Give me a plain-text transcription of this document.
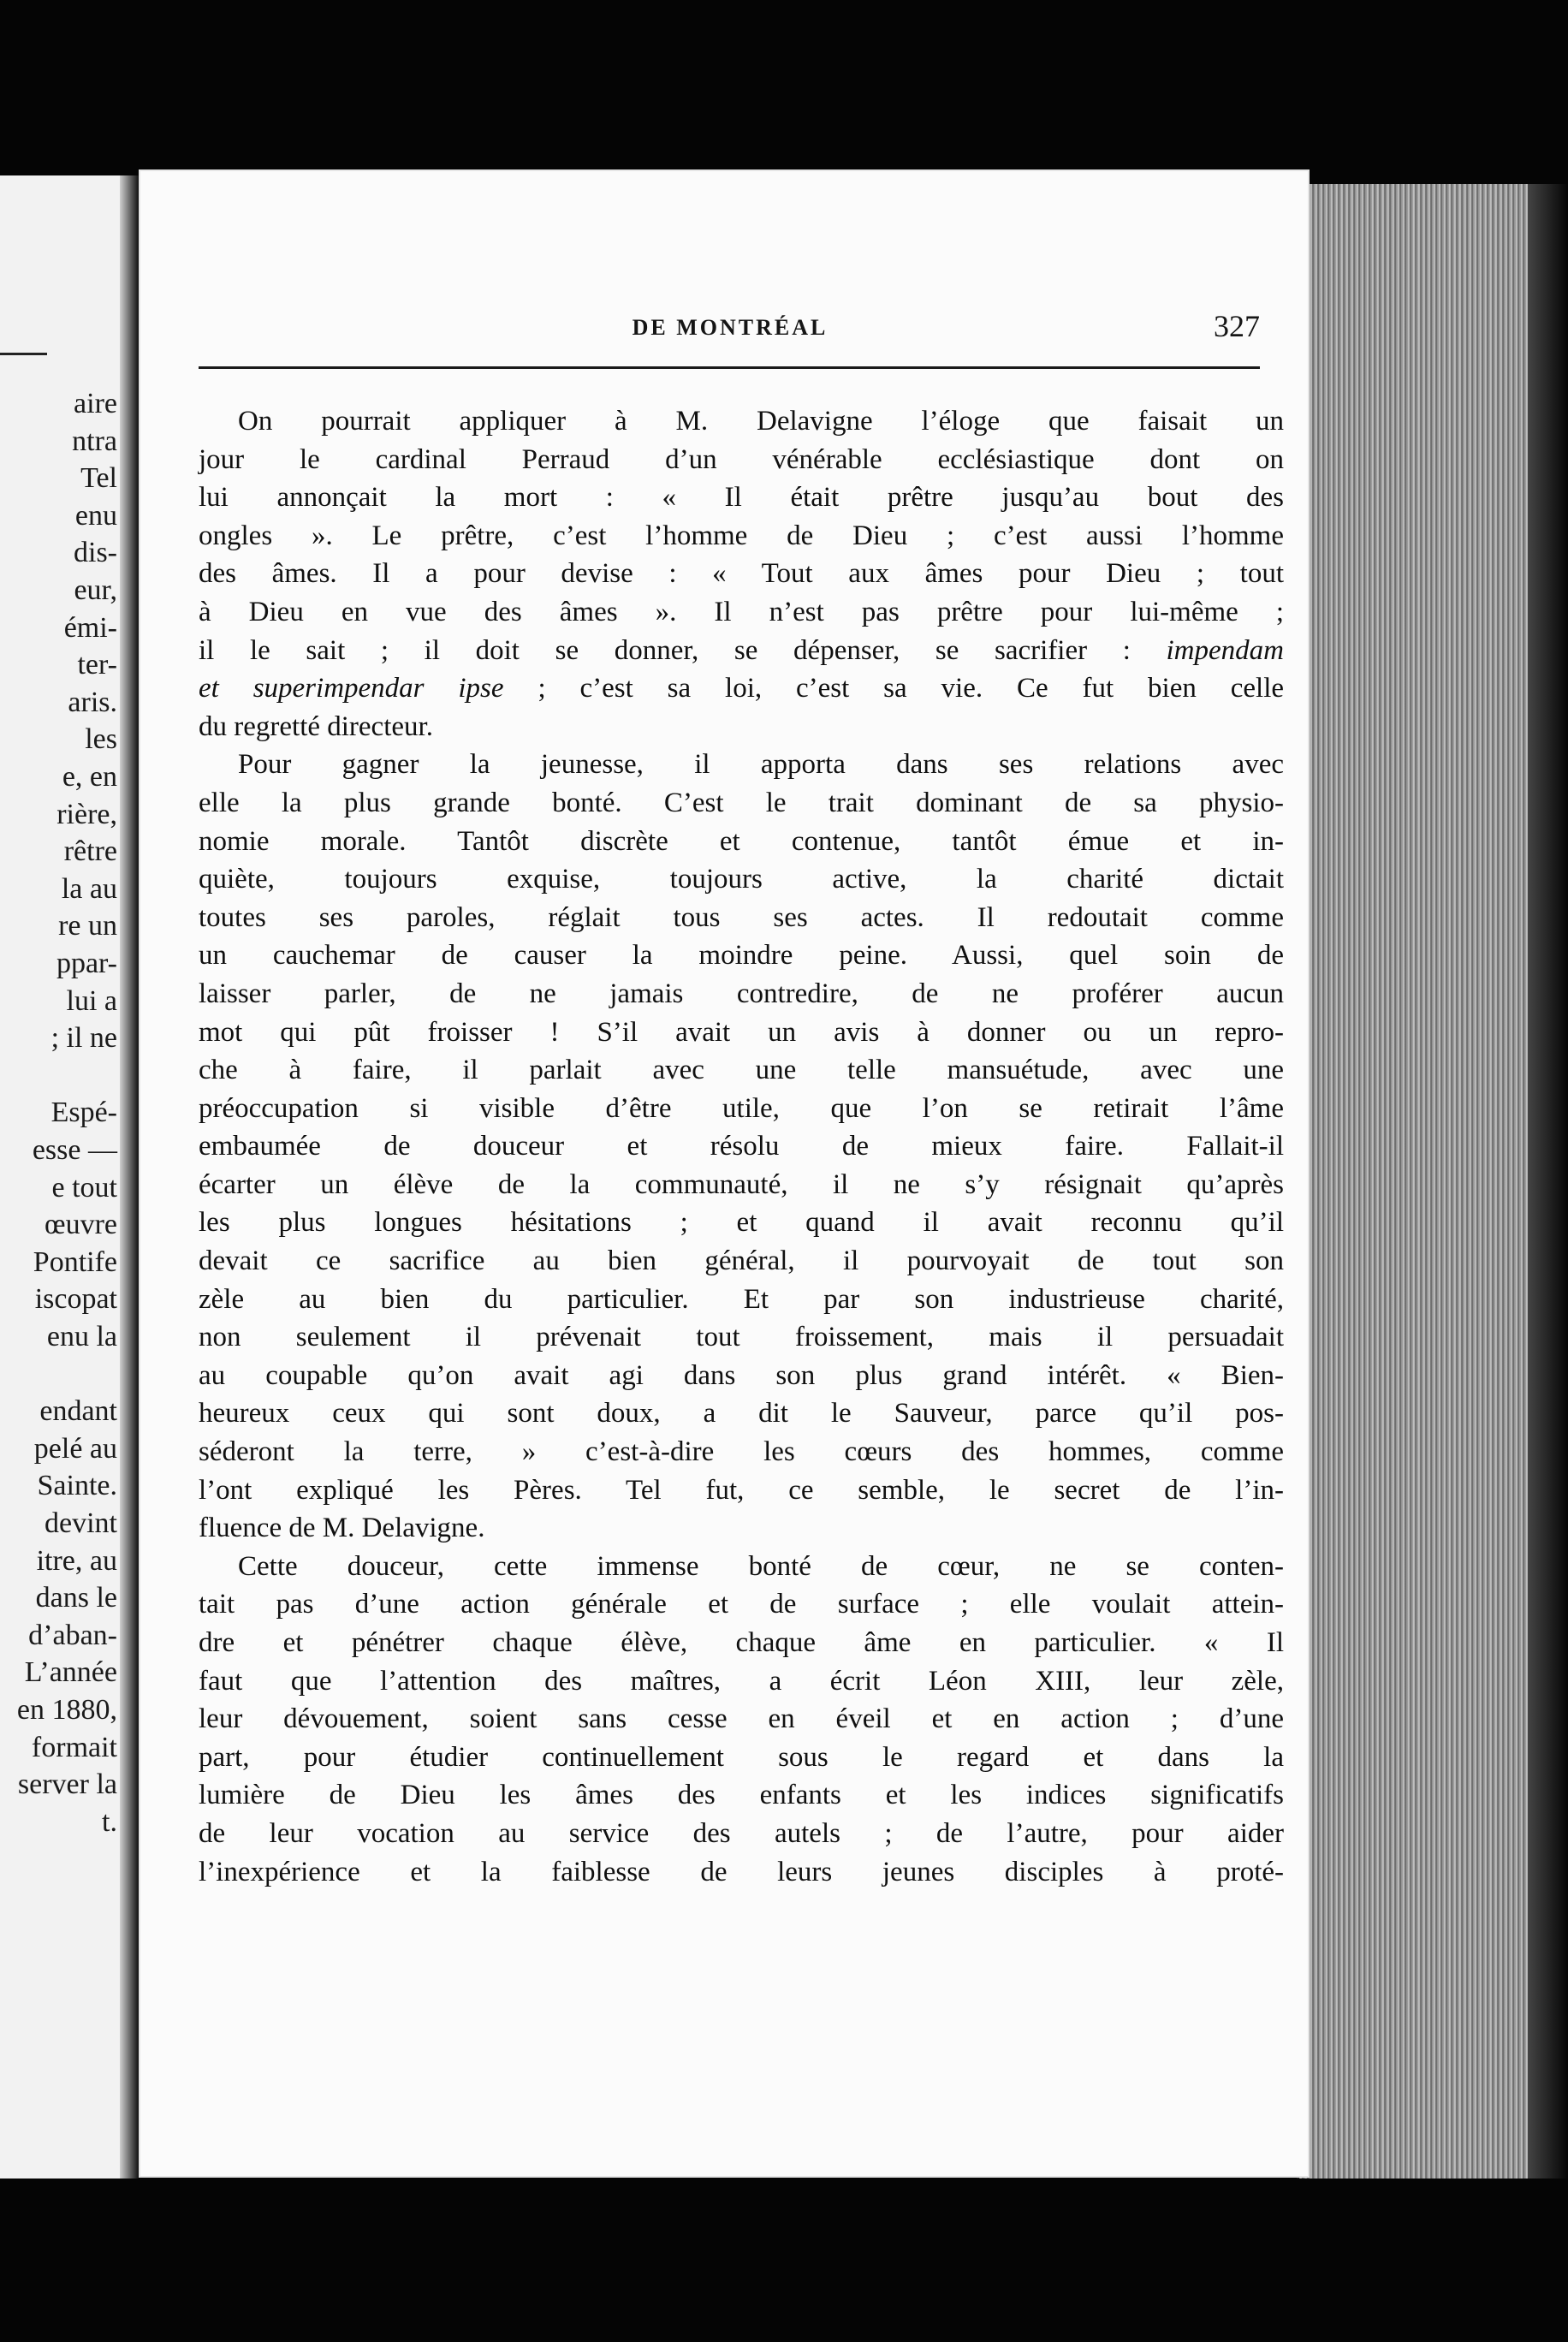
aire

ntra

Tel

enu

dis-

eur,

émi-

ter-

aris.

les

e, en

rière,

rêtre

la au

re un

ppar-

lui a

; il ne

Espé-

esse —

e tout

œuvre

Pontife

iscopat

enu la

endant

pelé au

Sainte.

devint

itre, au

dans le

d’aban-

L’année

en 1880,

formait

server la

t.

DE MONTRÉAL	327

On pourrait appliquer à M. Delavigne l’éloge que faisait un

jour le cardinal Perraud d’un vénérable ecclésiastique dont on

lui annonçait la mort : « Il était prêtre jusqu’au bout des

ongles ». Le prêtre, c’est l’homme de Dieu ; c’est aussi l’homme

des âmes. Il a pour devise : « Tout aux âmes pour Dieu ; tout

à Dieu en vue des âmes ». Il n’est pas prêtre pour lui-même ;

il le sait ; il doit se donner, se dépenser, se sacrifier : impendam

et superimpendar ipse ; c’est sa loi, c’est sa vie. Ce fut bien celle

du regretté directeur.

Pour gagner la jeunesse, il apporta dans ses relations avec

elle la plus grande bonté. C’est le trait dominant de sa physio-

nomie morale. Tantôt discrète et contenue, tantôt émue et in-

quiète, toujours exquise, toujours active, la charité dictait

toutes ses paroles, réglait tous ses actes. Il redoutait comme

un cauchemar de causer la moindre peine. Aussi, quel soin de

laisser parler, de ne jamais contredire, de ne proférer aucun

mot qui pût froisser ! S’il avait un avis à donner ou un repro-

che à faire, il parlait avec une telle mansuétude, avec une

préoccupation si visible d’être utile, que l’on se retirait l’âme

embaumée de douceur et résolu de mieux faire. Fallait-il

écarter un élève de la communauté, il ne s’y résignait qu’après

les plus longues hésitations ; et quand il avait reconnu qu’il

devait ce sacrifice au bien général, il pourvoyait de tout son

zèle au bien du particulier. Et par son industrieuse charité,

non seulement il prévenait tout froissement, mais il persuadait

au coupable qu’on avait agi dans son plus grand intérêt. « Bien-

heureux ceux qui sont doux, a dit le Sauveur, parce qu’il pos-

séderont la terre, » c’est-à-dire les cœurs des hommes, comme

l’ont expliqué les Pères. Tel fut, ce semble, le secret de l’in-

fluence de M. Delavigne.

Cette douceur, cette immense bonté de cœur, ne se conten-

tait pas d’une action générale et de surface ; elle voulait attein-

dre et pénétrer chaque élève, chaque âme en particulier. « Il

faut que l’attention des maîtres, a écrit Léon XIII, leur zèle,

leur dévouement, soient sans cesse en éveil et en action ; d’une

part, pour étudier continuellement sous le regard et dans la

lumière de Dieu les âmes des enfants et les indices significatifs

de leur vocation au service des autels ; de l’autre, pour aider

l’inexpérience et la faiblesse de leurs jeunes disciples à proté-
